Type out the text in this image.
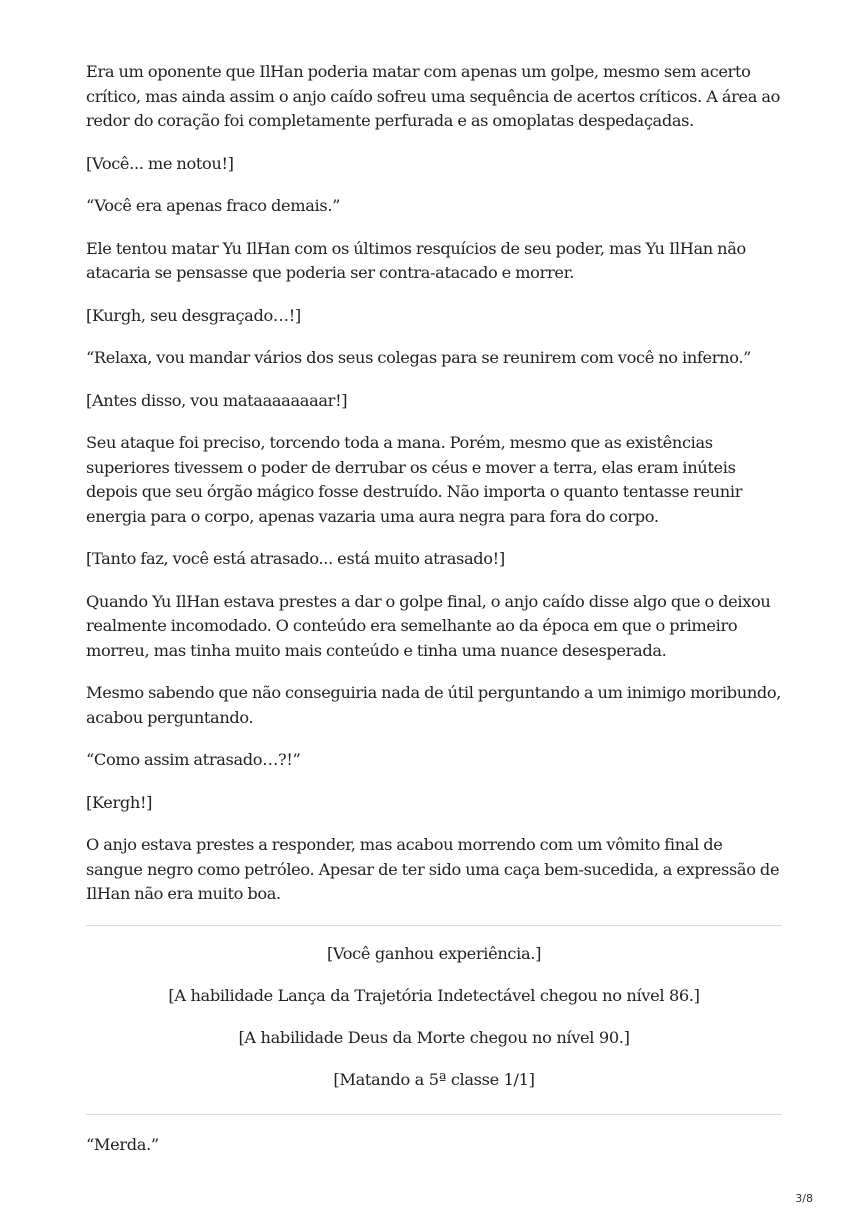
Era um oponente que IlHan poderia matar com apenas um golpe, mesmo sem acerto crítico, mas ainda assim o anjo caído sofreu uma sequência de acertos críticos. A área ao redor do coração foi completamente perfurada e as omoplatas despedaçadas.

[Você... me notou!]

“Você era apenas fraco demais.”

Ele tentou matar Yu IlHan com os últimos resquícios de seu poder, mas Yu IlHan não atacaria se pensasse que poderia ser contra-atacado e morrer.

[Kurgh, seu desgraçado…!]

“Relaxa, vou mandar vários dos seus colegas para se reunirem com você no inferno.”

[Antes disso, vou mataaaaaaaar!]

Seu ataque foi preciso, torcendo toda a mana. Porém, mesmo que as existências superiores tivessem o poder de derrubar os céus e mover a terra, elas eram inúteis depois que seu órgão mágico fosse destruído. Não importa o quanto tentasse reunir energia para o corpo, apenas vazaria uma aura negra para fora do corpo.

[Tanto faz, você está atrasado... está muito atrasado!]

Quando Yu IlHan estava prestes a dar o golpe final, o anjo caído disse algo que o deixou realmente incomodado. O conteúdo era semelhante ao da época em que o primeiro morreu, mas tinha muito mais conteúdo e tinha uma nuance desesperada.

Mesmo sabendo que não conseguiria nada de útil perguntando a um inimigo moribundo, acabou perguntando.

“Como assim atrasado…?!”

[Kergh!]

O anjo estava prestes a responder, mas acabou morrendo com um vômito final de sangue negro como petróleo. Apesar de ter sido uma caça bem-sucedida, a expressão de IlHan não era muito boa.

[Você ganhou experiência.]

[A habilidade Lança da Trajetória Indetectável chegou no nível 86.]

[A habilidade Deus da Morte chegou no nível 90.]

[Matando a 5ª classe 1/1]

“Merda.”

3/8
